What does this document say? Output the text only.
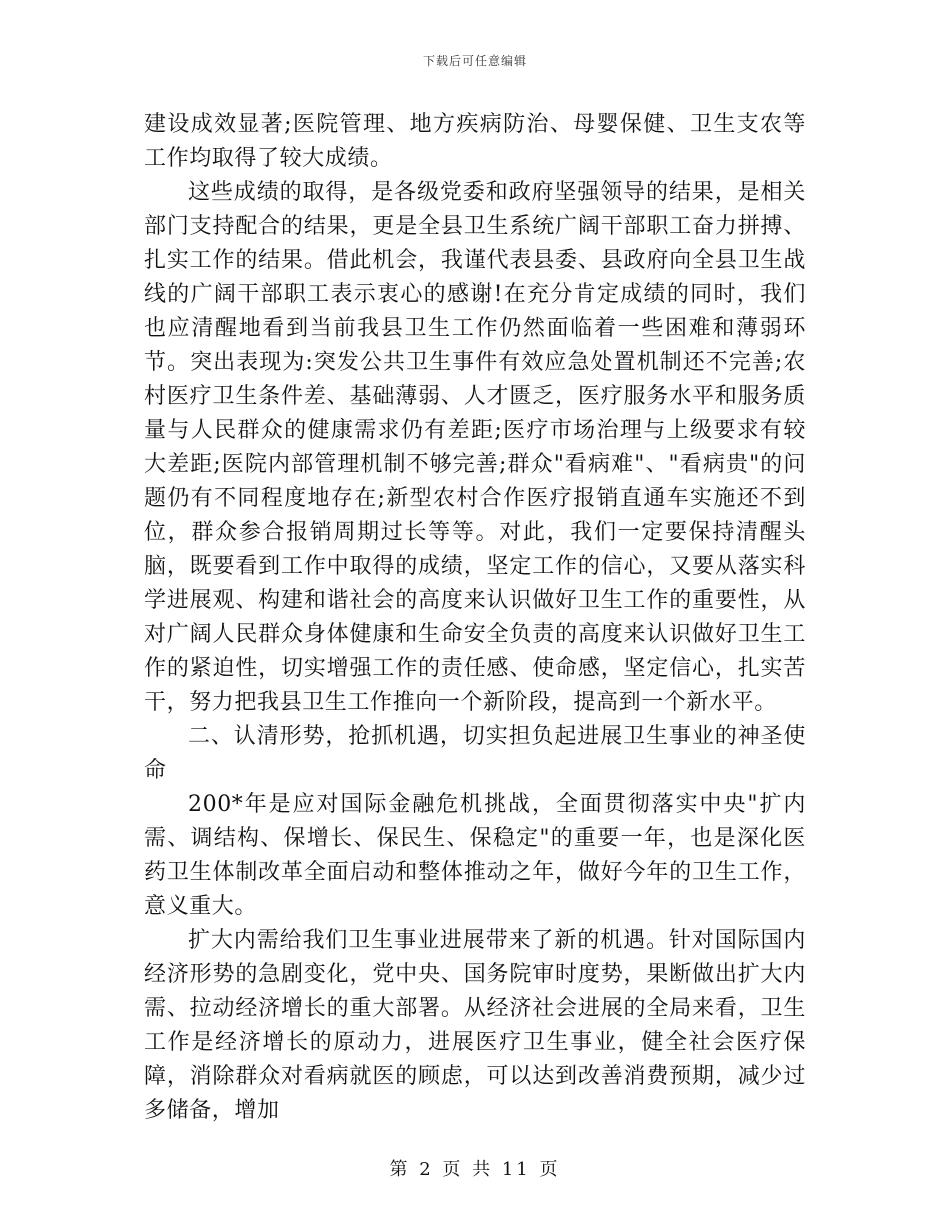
下载后可任意编辑

建设成效显著;医院管理、地方疾病防治、母婴保健、卫生支农等工作均取得了较大成绩。

这些成绩的取得，是各级党委和政府坚强领导的结果，是相关部门支持配合的结果，更是全县卫生系统广阔干部职工奋力拼搏、扎实工作的结果。借此机会，我谨代表县委、县政府向全县卫生战线的广阔干部职工表示衷心的感谢!在充分肯定成绩的同时，我们也应清醒地看到当前我县卫生工作仍然面临着一些困难和薄弱环节。突出表现为:突发公共卫生事件有效应急处置机制还不完善;农村医疗卫生条件差、基础薄弱、人才匮乏，医疗服务水平和服务质量与人民群众的健康需求仍有差距;医疗市场治理与上级要求有较大差距;医院内部管理机制不够完善;群众"看病难"、"看病贵"的问题仍有不同程度地存在;新型农村合作医疗报销直通车实施还不到位，群众参合报销周期过长等等。对此，我们一定要保持清醒头脑，既要看到工作中取得的成绩，坚定工作的信心，又要从落实科学进展观、构建和谐社会的高度来认识做好卫生工作的重要性，从对广阔人民群众身体健康和生命安全负责的高度来认识做好卫生工作的紧迫性，切实增强工作的责任感、使命感，坚定信心，扎实苦干，努力把我县卫生工作推向一个新阶段，提高到一个新水平。

二、认清形势，抢抓机遇，切实担负起进展卫生事业的神圣使命

200*年是应对国际金融危机挑战，全面贯彻落实中央"扩内需、调结构、保增长、保民生、保稳定"的重要一年，也是深化医药卫生体制改革全面启动和整体推动之年，做好今年的卫生工作，意义重大。

扩大内需给我们卫生事业进展带来了新的机遇。针对国际国内经济形势的急剧变化，党中央、国务院审时度势，果断做出扩大内需、拉动经济增长的重大部署。从经济社会进展的全局来看，卫生工作是经济增长的原动力，进展医疗卫生事业，健全社会医疗保障，消除群众对看病就医的顾虑，可以达到改善消费预期，减少过多储备，增加

第 2 页 共 11 页
